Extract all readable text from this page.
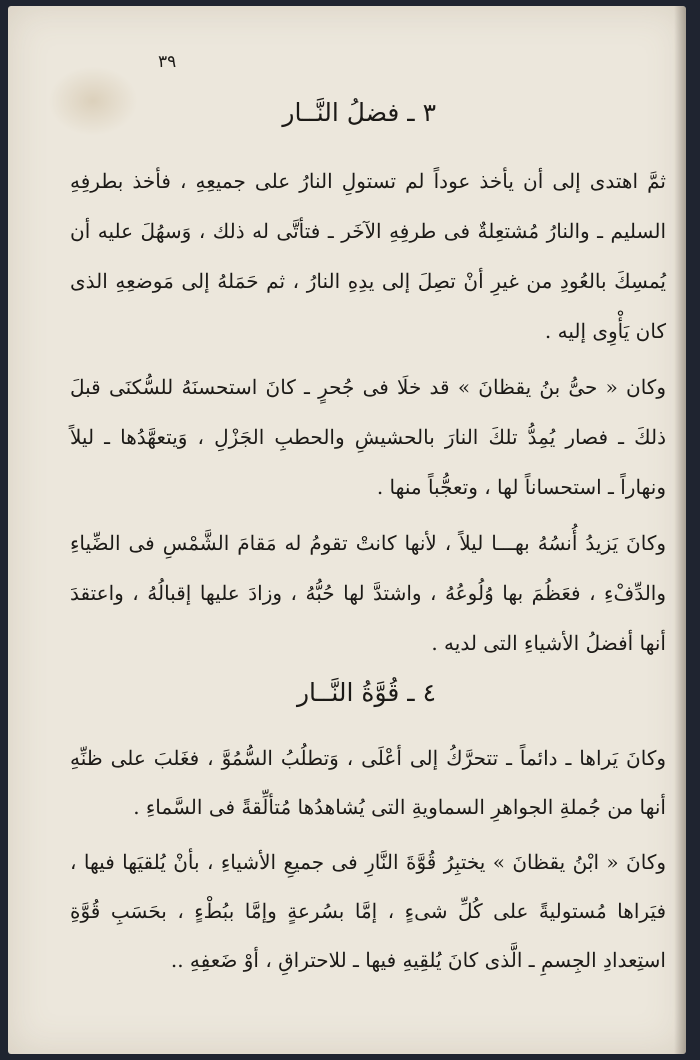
٣٩
٣ ـ فضلُ النَّــار

ثمَّ اهتدى إلى أن يأخذ عوداً لم تستولِ النارُ على جميعِهِ ، فأخذ بطرفِهِ السليم ـ والنارُ مُشتعِلةٌ فى طرفِهِ الآخَر ـ فتأتَّى له ذلك ، وَسهُلَ عليه أن يُمسِكَ بالعُودِ من غيرِ أنْ تصِلَ إلى يدِهِ النارُ ، ثم حَمَلهُ إلى مَوضعِهِ الذى كان يَأْوِى إليه .

وكان « حىُّ بنُ يقظانَ » قد خلَا فى جُحرٍ ـ كانَ استحسنَهُ للسُّكنَى قبلَ ذلكَ ـ فصار يُمِدُّ تلكَ النارَ بالحشيشِ والحطبِ الجَزْلِ ، وَيتعهَّدُها ـ ليلاً ونهاراً ـ استحساناً لها ، وتعجُّباً منها .

وكانَ يَزيدُ أُنسُهُ بهـــا ليلاً ، لأنها كانتْ تقومُ له مَقامَ الشَّمْسِ فى الضِّياءِ والدِّفْءِ ، فعَظُمَ بها وُلُوعُهُ ، واشتدَّ لها حُبُّهُ ، وزادَ عليها إقبالُهُ ، واعتقدَ أنها أفضلُ الأشياءِ التى لديه .

٤ ـ قُوَّةُ النَّــار

وكانَ يَراها ـ دائماً ـ تتحرَّكُ إلى أعْلَى ، وَتطلُبُ السُّمُوَّ ، فغَلبَ على ظنِّهِ أنها من جُملةِ الجواهرِ السماويةِ التى يُشاهدُها مُتألِّقةً فى السَّماءِ .

وكانَ « ابْنُ يقظانَ » يختبِرُ قُوَّةَ النَّارِ فى جميعِ الأشياءِ ، بأنْ يُلقيَها فيها ، فيَراها مُستوليةً على كُلِّ شىءٍ ، إمَّا بسُرعةٍ وإمَّا ببُطْءٍ ، بحَسَبِ قُوَّةِ استِعدادِ الجِسمِ ـ الَّذى كانَ يُلقِيهِ فيها ـ للاحتراقِ ، أوْ ضَعفِهِ ..
